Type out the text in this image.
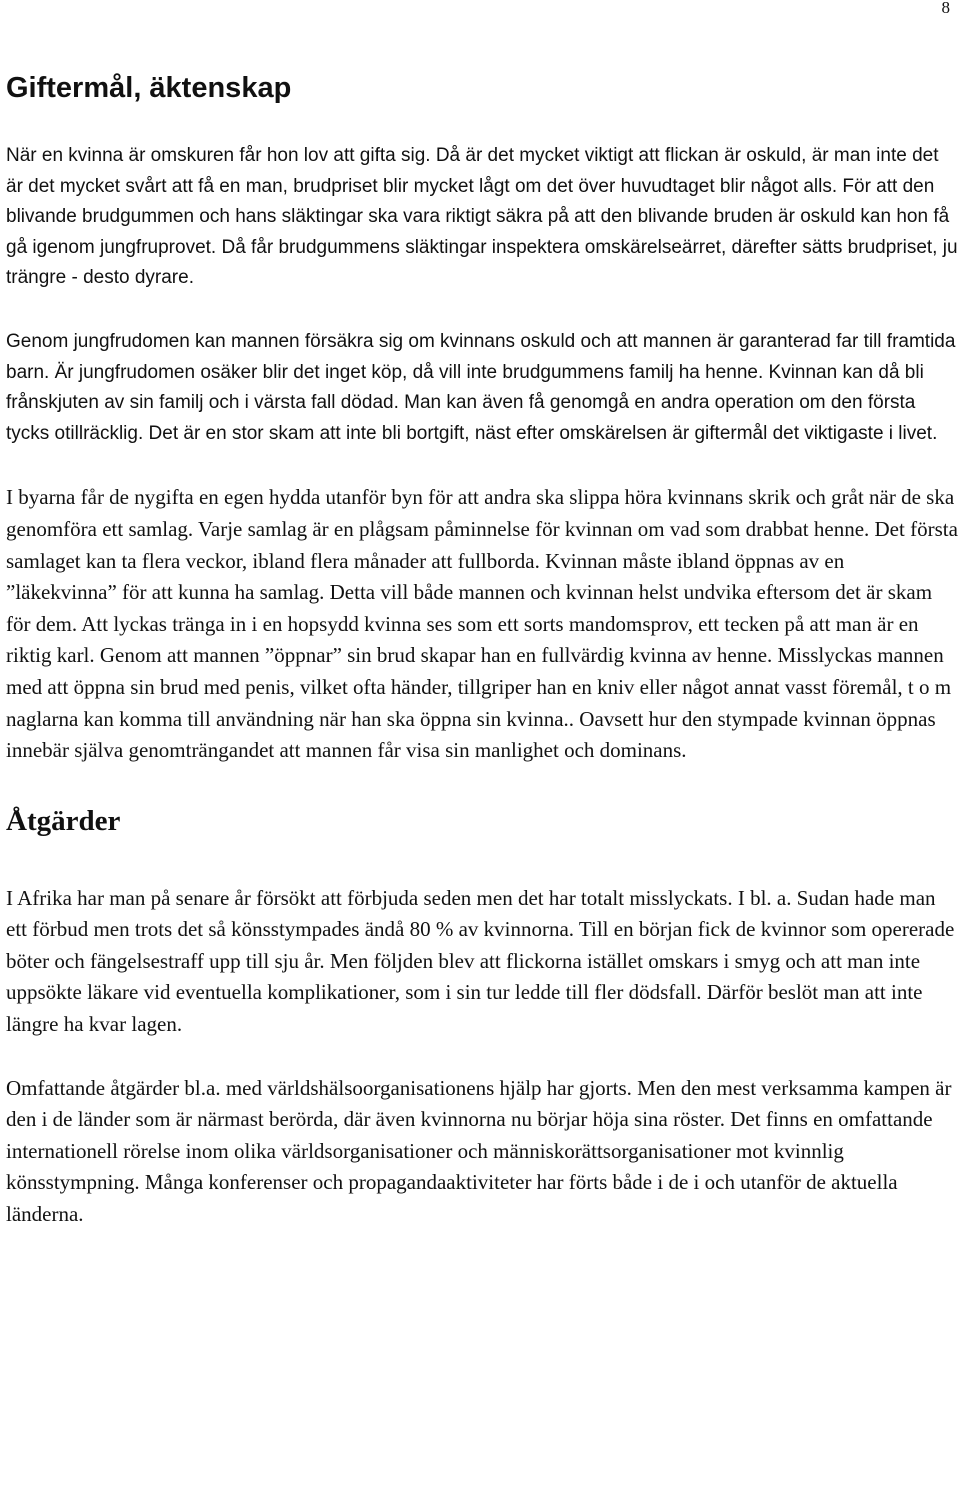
8
Giftermål, äktenskap

När en kvinna är omskuren får hon lov att gifta sig. Då är det mycket viktigt att flickan är oskuld, är man inte det är det mycket svårt att få en man, brudpriset blir mycket lågt om det över huvudtaget blir något alls. För att den blivande brudgummen och hans släktingar ska vara riktigt säkra på att den blivande bruden är oskuld kan hon få gå igenom jungfruprovet. Då får brudgummens släktingar inspektera omskärelseärret, därefter sätts brudpriset, ju trängre - desto dyrare.

Genom jungfrudomen kan mannen försäkra sig om kvinnans oskuld och att mannen är garanterad far till framtida barn. Är jungfrudomen osäker blir det inget köp, då vill inte brudgummens familj ha henne. Kvinnan kan då bli frånskjuten av sin familj och i värsta fall dödad. Man kan även få genomgå en andra operation om den första tycks otillräcklig. Det är en stor skam att inte bli bortgift, näst efter omskärelsen är giftermål det viktigaste i livet.

I byarna får de nygifta en egen hydda utanför byn för att andra ska slippa höra kvinnans skrik och gråt när de ska genomföra ett samlag. Varje samlag är en plågsam påminnelse för kvinnan om vad som drabbat henne. Det första samlaget kan ta flera veckor, ibland flera månader att fullborda. Kvinnan måste ibland öppnas av en ”läkekvinna” för att kunna ha samlag. Detta vill både mannen och kvinnan helst undvika eftersom det är skam för dem. Att lyckas tränga in i en hopsydd kvinna ses som ett sorts mandomsprov, ett tecken på att man är en riktig karl. Genom att mannen ”öppnar” sin brud skapar han en fullvärdig kvinna av henne. Misslyckas mannen med att öppna sin brud med penis, vilket ofta händer, tillgriper han en kniv eller något annat vasst föremål, t o m naglarna kan komma till användning när han ska öppna sin kvinna.. Oavsett hur den stympade kvinnan öppnas innebär själva genomträngandet att mannen får visa sin manlighet och dominans.

Åtgärder

I Afrika har man på senare år försökt att förbjuda seden men det har totalt misslyckats. I bl. a. Sudan hade man ett förbud men trots det så könsstympades ändå 80 % av kvinnorna. Till en början fick de kvinnor som opererade böter och fängelsestraff upp till sju år. Men följden blev att flickorna istället omskars i smyg och att man inte uppsökte läkare vid eventuella komplikationer, som i sin tur ledde till fler dödsfall. Därför beslöt man att inte längre ha kvar lagen.

Omfattande åtgärder bl.a. med världshälsoorganisationens hjälp har gjorts. Men den mest verksamma kampen är den i de länder som är närmast berörda, där även kvinnorna nu börjar höja sina röster. Det finns en omfattande internationell rörelse inom olika världsorganisationer och människorättsorganisationer mot kvinnlig könsstympning. Många konferenser och propagandaaktiviteter har förts både i de i och utanför de aktuella länderna.
